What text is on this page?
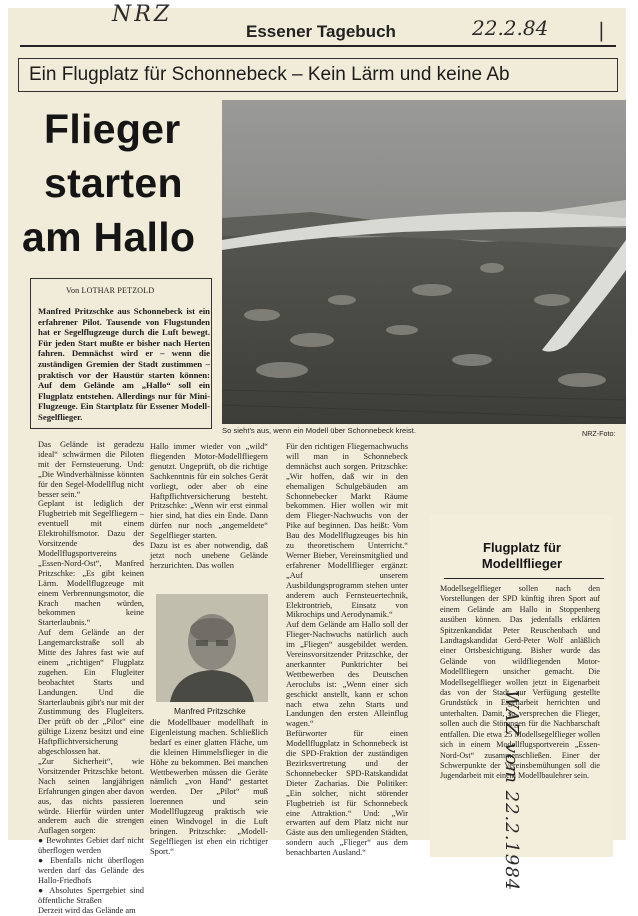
NRZ
22.2.84 |
WAZ vom 22.2.1984
Essener Tagebuch
Ein Flugplatz für Schonnebeck – Kein Lärm und keine Ab
Flieger
starten
am Hallo
So sieht's aus, wenn ein Modell über Schonnebeck kreist.	NRZ-Foto:
Von LOTHAR PETZOLD
Manfred Pritzschke aus Schonnebeck ist ein erfahrener Pilot. Tausende von Flugstunden hat er Segelflugzeuge durch die Luft bewegt. Für jeden Start mußte er bisher nach Herten fahren. Demnächst wird er – wenn die zuständigen Gremien der Stadt zustimmen – praktisch vor der Haustür starten können: Auf dem Gelände am „Hallo“ soll ein Flugplatz entstehen. Allerdings nur für Mini-Flugzeuge. Ein Startplatz für Essener Modell-Segelflieger.
Das Gelände ist geradezu ideal“ schwärmen die Piloten mit der Fernsteuerung. Und: „Die Windverhältnisse könnten für den Segel-Modellflug nicht besser sein.“
Geplant ist lediglich der Flugbetrieb mit Segelfliegern – eventuell mit einem Elektrohilfsmotor. Dazu der Vorsitzende des Modellflugsportvereins „Essen-Nord-Ost“, Manfred Pritzschke: „Es gibt keinen Lärm. Modellflugzeuge mit einem Verbrennungsmotor, die Krach machen würden, bekommen keine Starterlaubnis.“
Auf dem Gelände an der Langemarckstraße soll ab Mitte des Jahres fast wie auf einem „richtigen“ Flugplatz zugehen. Ein Flugleiter beobachtet Starts und Landungen. Und die Starterlaubnis gibt's nur mit der Zustimmung des Flugleiters. Der prüft ob der „Pilot“ eine gültige Lizenz besitzt und eine Haftpflichtversicherung abgeschlossen hat.
„Zur Sicherheit“, wie Vorsitzender Pritzschke betont. Nach seinen langjährigen Erfahrungen gingen aber davon aus, das nichts passieren würde. Hierfür würden unter anderem auch die strengen Auflagen sorgen:
● Bewohntes Gebiet darf nicht überflogen werden
● Ebenfalls nicht überflogen werden darf das Gelände des Hallo-Friedhofs
● Absolutes Sperrgebiet sind öffentliche Straßen
Derzeit wird das Gelände am
Hallo immer wieder von „wild“ fliegenden Motor-Modellfliegern genutzt. Ungeprüft, ob die richtige Sachkenntnis für ein solches Gerät vorliegt, oder aber ob eine Haftpflichtversicherung besteht. Pritzschke: „Wenn wir erst einmal hier sind, hat dies ein Ende. Dann dürfen nur noch „angemeldete“ Segelflieger starten.
Dazu ist es aber notwendig, daß jetzt noch unebene Gelände herzurichten. Das wollen
Manfred Pritzschke
die Modellbauer modellhaft in Eigenleistung machen. Schließlich bedarf es einer glatten Fläche, um die kleinen Himmelsflieger in die Höhe zu bekommen. Bei manchen Wettbewerben müssen die Geräte nämlich „von Hand“ gestartet werden. Der „Pilot“ muß loerennen und sein Modellflugzeug praktisch wie einen Windvogel in die Luft bringen. Pritzschke: „Modell-Segelfliegen ist eben ein richtiger Sport.“
Für den richtigen Fliegernachwuchs will man in Schonnebeck demnächst auch sorgen. Pritzschke: „Wir hoffen, daß wir in den ehemaligen Schulgebäuden am Schonnebecker Markt Räume bekommen. Hier wollen wir mit dem Flieger-Nachwuchs von der Pike auf beginnen. Das heißt: Vom Bau des Modellflugzeuges bis hin zu theoretischem Unterricht.“ Werner Bieber, Vereinsmitglied und erfahrener Modellflieger ergänzt: „Auf unserem Ausbildungsprogramm stehen unter anderem auch Fernsteuertechnik, Elektrontrieb, Einsatz von Mikrochips und Aerodynamik.“
Auf dem Gelände am Hallo soll der Flieger-Nachwuchs natürlich auch im „Fliegen“ ausgebildet werden. Vereinsvorsitzender Pritzschke, der anerkannter Punktrichter bei Wettbewerben des Deutschen Aeroclubs ist: „Wenn einer sich geschickt anstellt, kann er schon nach etwa zehn Starts und Landungen den ersten Alleinflug wagen.“
Befürworter für einen Modellflugplatz in Schonnebeck ist die SPD-Fraktion der zuständigen Bezirksvertretung und der Schonnebecker SPD-Ratskandidat Dieter Zacharias. Die Politiker: „Ein solcher, nicht störender Flugbetrieb ist für Schonnebeck eine Attraktion.“ Und: „Wir erwarten auf dem Platz nicht nur Gäste aus den umliegenden Städten, sondern auch „Flieger“ aus dem benachbarten Ausland.“
Flugplatz für
Modellflieger
Modellsegelflieger sollen nach den Vorstellungen der SPD künftig ihren Sport auf einem Gelände am Hallo in Stoppenberg ausüben können. Das jedenfalls erklärten Spitzenkandidat Peter Reuschenbach und Landtagskandidat Gerd-Peter Wolf anläßlich einer Ortsbesichtigung. Bisher wurde das Gelände von wildfliegenden Motor-Modellfliegern unsicher gemacht. Die Modellsegelflieger wollen jetzt in Eigenarbeit das von der Stadt zur Verfügung gestellte Grundstück in Eigenarbeit herrichten und unterhalten. Damit, so versprechen die Flieger, sollen auch die Störungen für die Nachbarschaft entfallen. Die etwa 25 Modellsegelflieger wollen sich in einem Modellflugsportverein „Essen-Nord-Ost“ zusammenschließen. Einer der Schwerpunkte der Vereinsbemühungen soll die Jugendarbeit mit einem Modellbaulehrer sein.
